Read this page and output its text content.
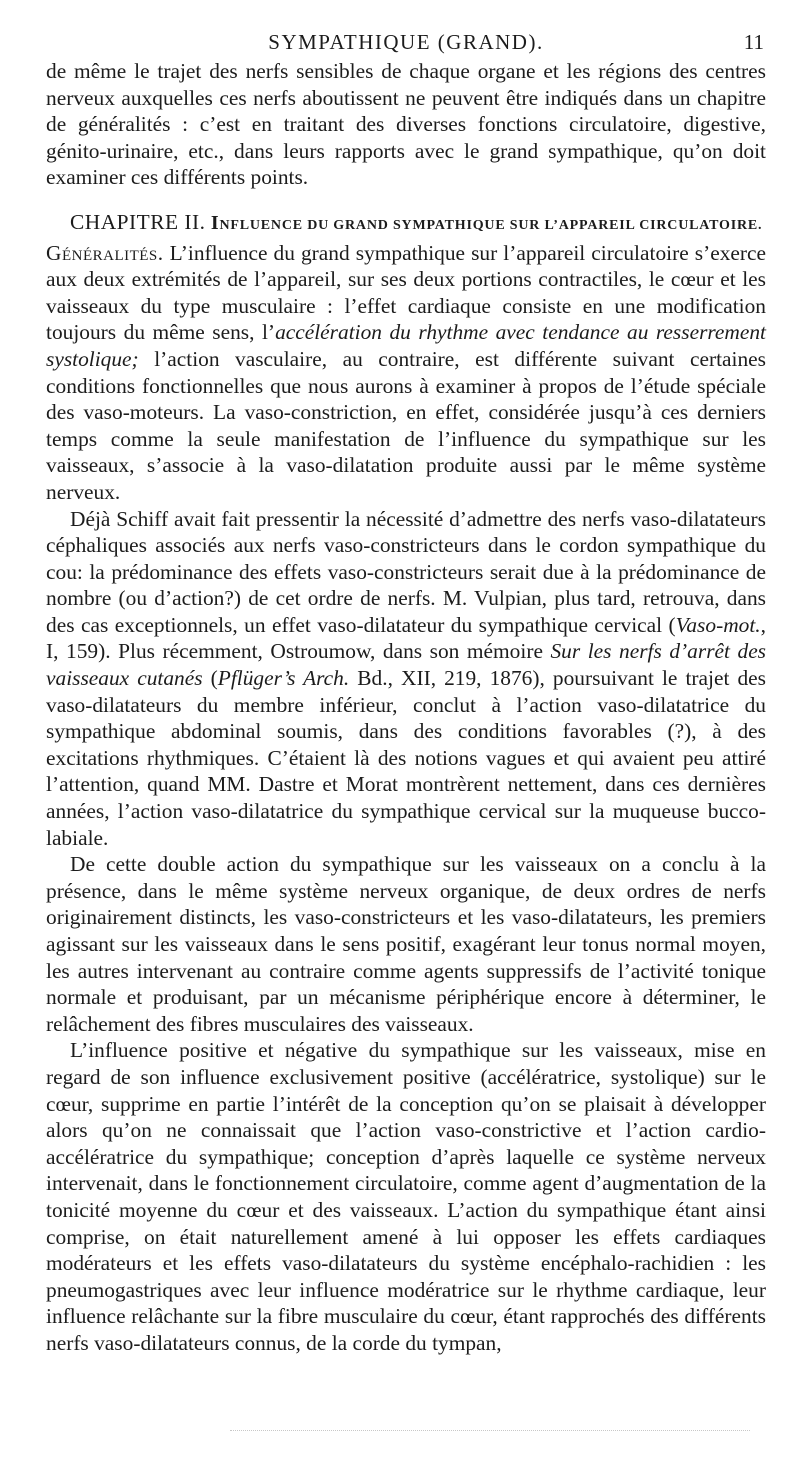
SYMPATHIQUE (GRAND).	11

de même le trajet des nerfs sensibles de chaque organe et les régions des centres nerveux auxquelles ces nerfs aboutissent ne peuvent être indiqués dans un chapitre de généralités : c’est en traitant des diverses fonctions circulatoire, digestive, génito-urinaire, etc., dans leurs rapports avec le grand sympathique, qu’on doit examiner ces différents points.

CHAPITRE II. INFLUENCE DU GRAND SYMPATHIQUE SUR L’APPAREIL CIRCULATOIRE.

Généralités. L’influence du grand sympathique sur l’appareil circulatoire s’exerce aux deux extrémités de l’appareil, sur ses deux portions contractiles, le cœur et les vaisseaux du type musculaire : l’effet cardiaque consiste en une modification toujours du même sens, l’accélération du rhythme avec tendance au resserrement systolique; l’action vasculaire, au contraire, est différente suivant certaines conditions fonctionnelles que nous aurons à examiner à propos de l’étude spéciale des vaso-moteurs. La vaso-constriction, en effet, considérée jusqu’à ces derniers temps comme la seule manifestation de l’influence du sympathique sur les vaisseaux, s’associe à la vaso-dilatation produite aussi par le même système nerveux.

Déjà Schiff avait fait pressentir la nécessité d’admettre des nerfs vaso-dilatateurs céphaliques associés aux nerfs vaso-constricteurs dans le cordon sympathique du cou: la prédominance des effets vaso-constricteurs serait due à la prédominance de nombre (ou d’action?) de cet ordre de nerfs. M. Vulpian, plus tard, retrouva, dans des cas exceptionnels, un effet vaso-dilatateur du sympathique cervical (Vaso-mot., I, 159). Plus récemment, Ostroumow, dans son mémoire Sur les nerfs d’arrêt des vaisseaux cutanés (Pflüger’s Arch. Bd., XII, 219, 1876), poursuivant le trajet des vaso-dilatateurs du membre inférieur, conclut à l’action vaso-dilatatrice du sympathique abdominal soumis, dans des conditions favorables (?), à des excitations rhythmiques. C’étaient là des notions vagues et qui avaient peu attiré l’attention, quand MM. Dastre et Morat montrèrent nettement, dans ces dernières années, l’action vaso-dilatatrice du sympathique cervical sur la muqueuse bucco-labiale.

De cette double action du sympathique sur les vaisseaux on a conclu à la présence, dans le même système nerveux organique, de deux ordres de nerfs originairement distincts, les vaso-constricteurs et les vaso-dilatateurs, les premiers agissant sur les vaisseaux dans le sens positif, exagérant leur tonus normal moyen, les autres intervenant au contraire comme agents suppressifs de l’activité tonique normale et produisant, par un mécanisme périphérique encore à déterminer, le relâchement des fibres musculaires des vaisseaux.

L’influence positive et négative du sympathique sur les vaisseaux, mise en regard de son influence exclusivement positive (accélératrice, systolique) sur le cœur, supprime en partie l’intérêt de la conception qu’on se plaisait à développer alors qu’on ne connaissait que l’action vaso-constrictive et l’action cardio-accélératrice du sympathique; conception d’après laquelle ce système nerveux intervenait, dans le fonctionnement circulatoire, comme agent d’augmentation de la tonicité moyenne du cœur et des vaisseaux. L’action du sympathique étant ainsi comprise, on était naturellement amené à lui opposer les effets cardiaques modérateurs et les effets vaso-dilatateurs du système encéphalo-rachidien : les pneumogastriques avec leur influence modératrice sur le rhythme cardiaque, leur influence relâchante sur la fibre musculaire du cœur, étant rapprochés des différents nerfs vaso-dilatateurs connus, de la corde du tympan,
